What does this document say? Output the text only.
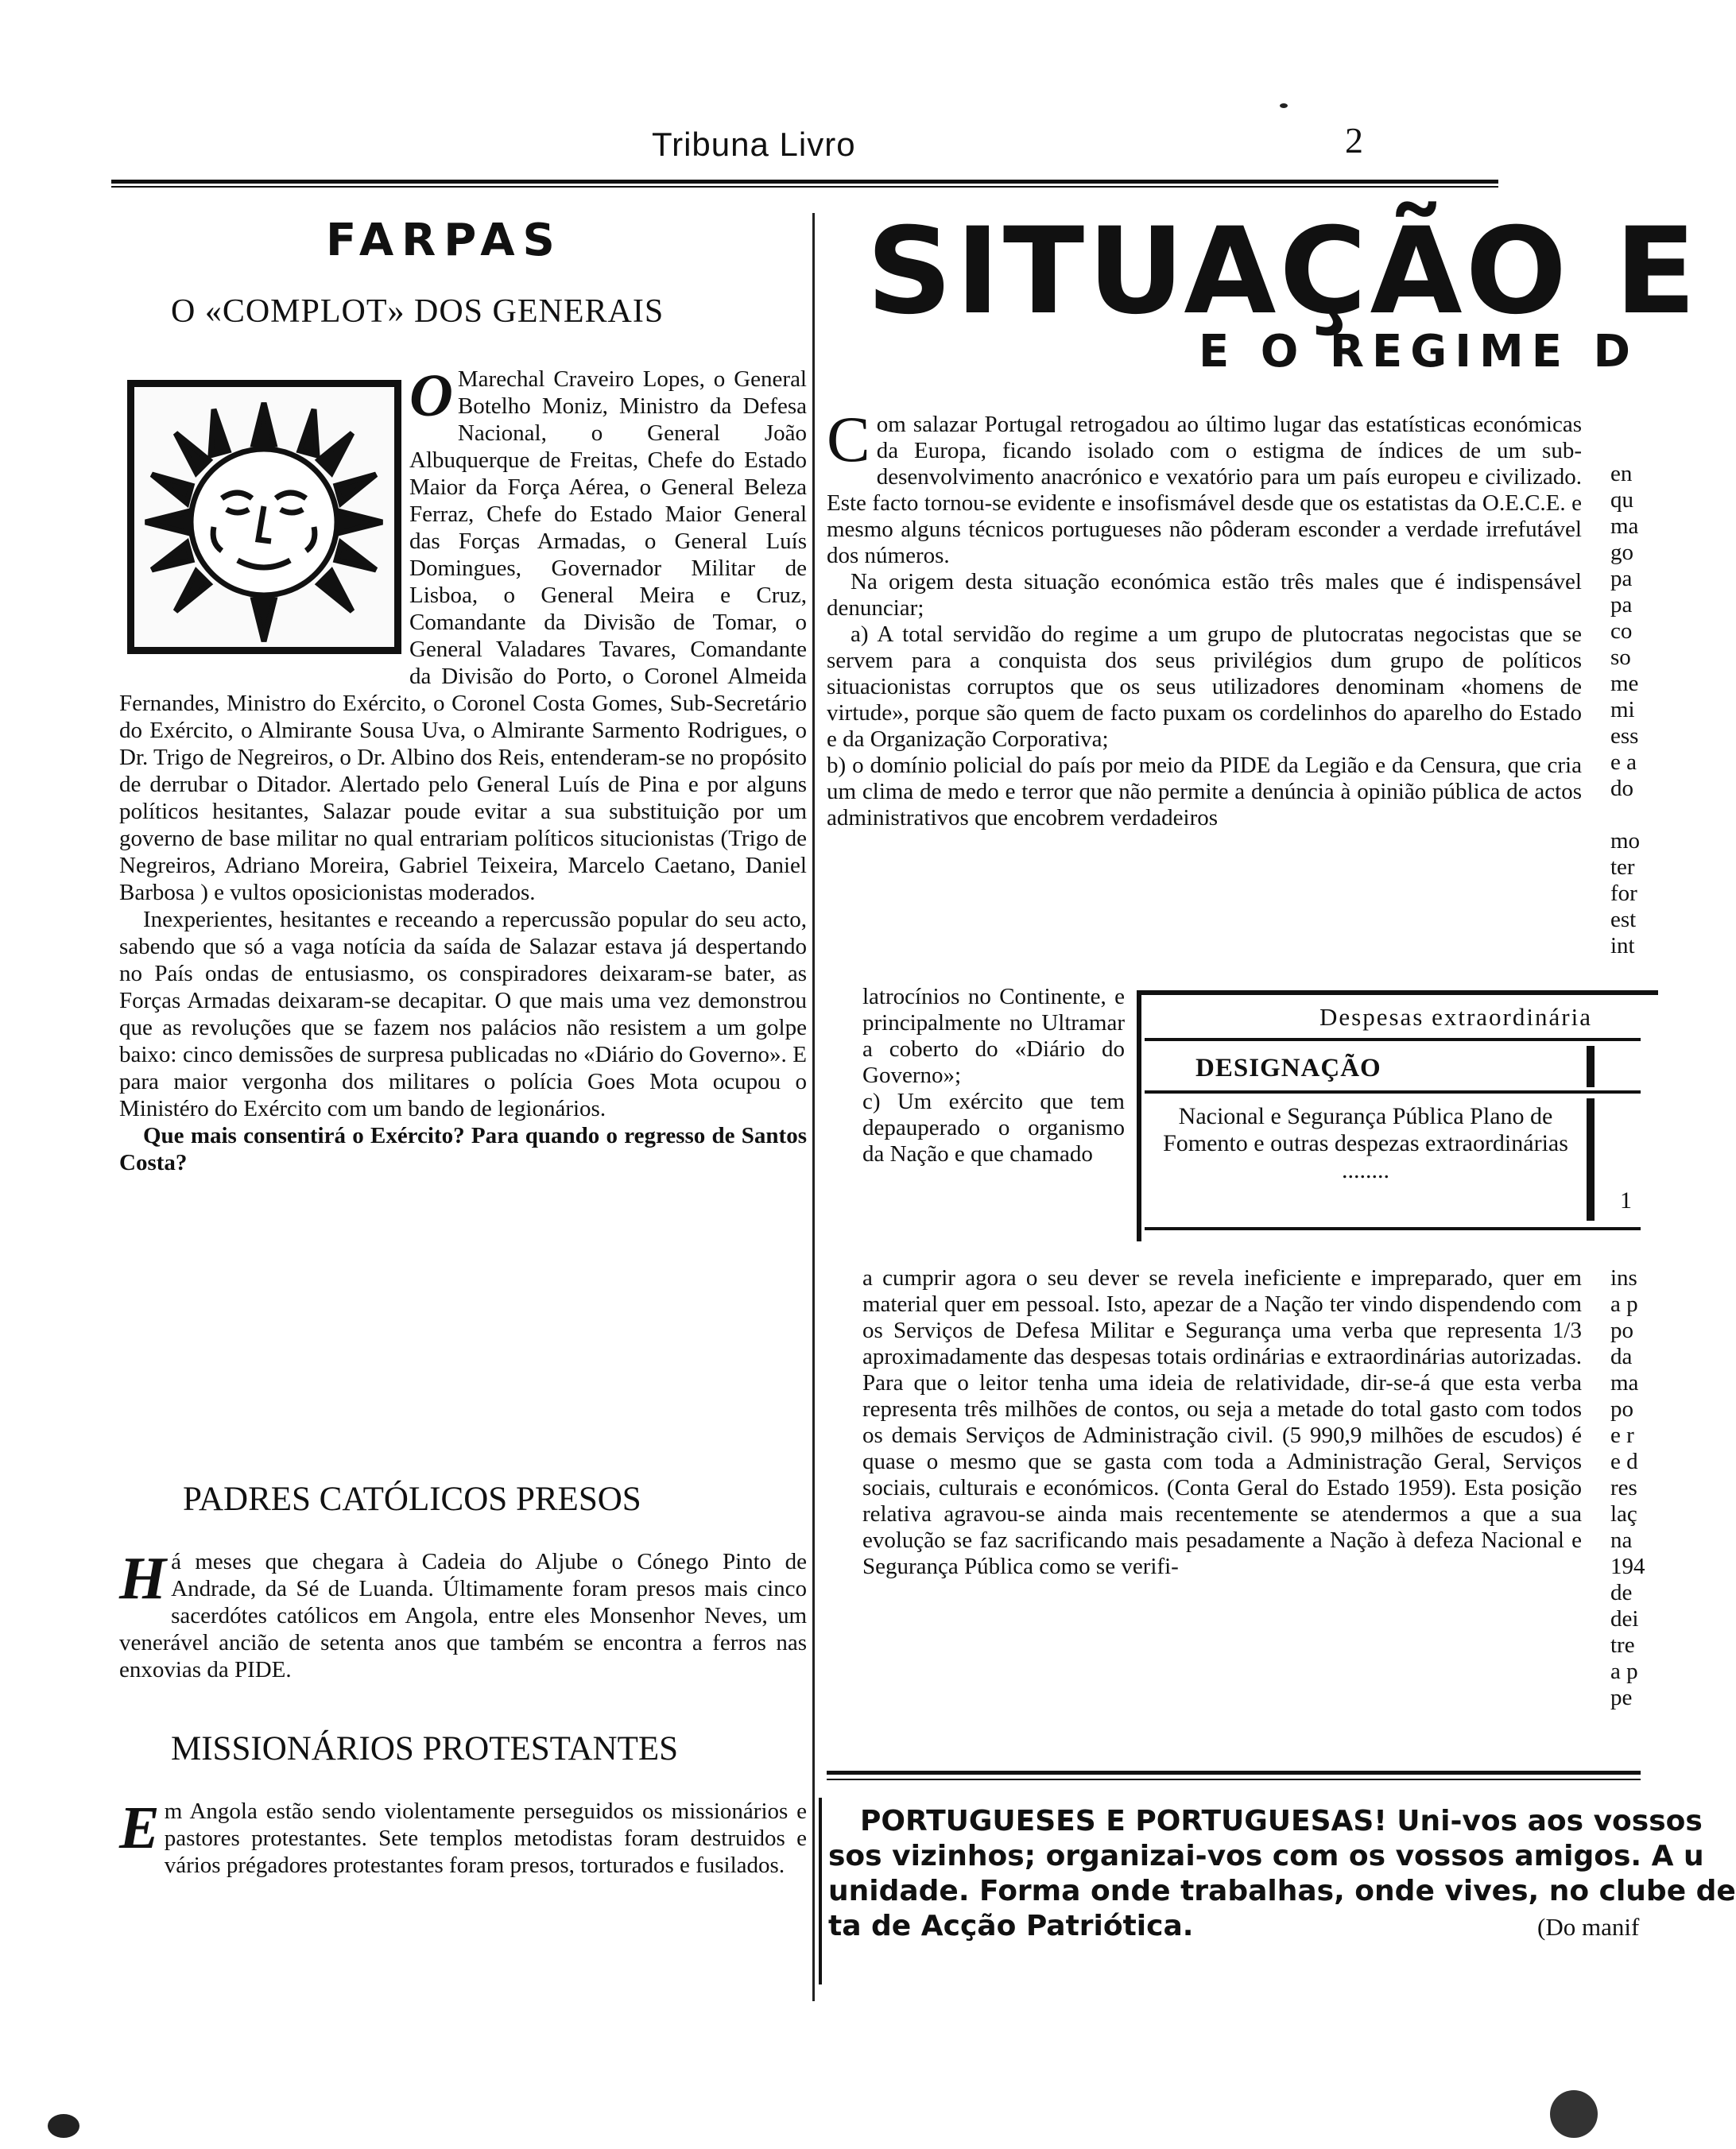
Tribuna Livro	2
FARPAS
O «COMPLOT» DOS GENERAIS

O Marechal Craveiro Lopes, o General Botelho Moniz, Ministro da Defesa Nacional, o General João Albuquerque de Freitas, Chefe do Estado Maior da Força Aérea, o General Beleza Ferraz, Chefe do Estado Maior General das Forças Armadas, o General Luís Domingues, Governador Militar de Lisboa, o General Meira e Cruz, Comandante da Divisão de Tomar, o General Valadares Tavares, Comandante da Divisão do Porto, o Coronel Almeida Fernandes, Ministro do Exército, o Coronel Costa Gomes, Sub-Secretário do Exército, o Almirante Sousa Uva, o Almirante Sarmento Rodrigues, o Dr. Trigo de Negreiros, o Dr. Albino dos Reis, entenderam-se no propósito de derrubar o Ditador. Alertado pelo General Luís de Pina e por alguns políticos hesitantes, Salazar poude evitar a sua substituição por um governo de base militar no qual entrariam políticos situcionistas (Trigo de Negreiros, Adriano Moreira, Gabriel Teixeira, Marcelo Caetano, Daniel Barbosa ) e vultos oposicionistas moderados.

Inexperientes, hesitantes e receando a repercussão popular do seu acto, sabendo que só a vaga notícia da saída de Salazar estava já despertando no País ondas de entusiasmo, os conspiradores deixaram-se bater, as Forças Armadas deixaram-se decapitar. O que mais uma vez demonstrou que as revoluções que se fazem nos palácios não resistem a um golpe baixo: cinco demissões de surpresa publicadas no «Diário do Governo». E para maior vergonha dos militares o polícia Goes Mota ocupou o Ministéro do Exército com um bando de legionários.

Que mais consentirá o Exército? Para quando o regresso de Santos Costa?

PADRES CATÓLICOS PRESOS
H á meses que chegara à Cadeia do Aljube o Cónego Pinto de Andrade, da Sé de Luanda. Últimamente foram presos mais cinco sacerdótes católicos em Angola, entre eles Monsenhor Neves, um venerável ancião de setenta anos que também se encontra a ferros nas enxovias da PIDE.
MISSIONÁRIOS PROTESTANTES
E m Angola estão sendo violentamente perseguidos os missionários e pastores protestantes. Sete templos metodistas foram destruidos e vários prégadores protestantes foram presos, torturados e fusilados.
SITUAÇÃO E
E O REGIME D

C om salazar Portugal retrogadou ao último lugar das estatísticas económicas da Europa, ficando isolado com o estigma de índices de um sub-desenvolvimento anacrónico e vexatório para um país europeu e civilizado. Este facto tornou-se evidente e insofismável desde que os estatistas da O.E.C.E. e mesmo alguns técnicos portugueses não pôderam esconder a verdade irrefutável dos números.

Na origem desta situação económica estão três males que é indispensável denunciar;

a) A total servidão do regime a um grupo de plutocratas negocistas que se servem para a conquista dos seus privilégios dum grupo de políticos situacionistas corruptos que os seus utilizadores denominam «homens de virtude», porque são quem de facto puxam os cordelinhos do aparelho do Estado e da Organização Corporativa;

b) o domínio policial do país por meio da PIDE da Legião e da Censura, que cria um clima de medo e terror que não permite a denúncia à opinião pública de actos administrativos que encobrem verdadeiros

latrocínios no Continente, e principalmente no Ultramar a coberto do «Diário do Governo»;

c) Um exército que tem depauperado o organismo da Nação e que chamado

Despesas extraordinária
DESIGNAÇÃO
Nacional e Segurança Pública Plano de Fomento e outras despezas extraordinárias ........
1
a cumprir agora o seu dever se revela ineficiente e impreparado, quer em material quer em pessoal. Isto, apezar de a Nação ter vindo dispendendo com os Serviços de Defesa Militar e Segurança uma verba que representa 1/3 aproximadamente das despesas totais ordinárias e extraordinárias autorizadas. Para que o leitor tenha uma ideia de relatividade, dir-se-á que esta verba representa três milhões de contos, ou seja a metade do total gasto com todos os demais Serviços de Administração civil. (5 990,9 milhões de escudos) é quase o mesmo que se gasta com toda a Administração Geral, Serviços sociais, culturais e económicos. (Conta Geral do Estado 1959). Esta posição relativa agravou-se ainda mais recentemente se atendermos a que a sua evolução se faz sacrificando mais pesadamente a Nação à defeza Nacional e Segurança Pública como se verifi-
en
qu
ma
go
pa
pa
co
so
me
mi
ess
e a
do
mo
ter
for
est
int
ins
a p
po
da
ma
po
e r
e d
res
laç
na
194
de
dei
tre
a p
pe
PORTUGUESES E PORTUGUESAS! Uni-vos aos vossos
sos vizinhos; organizai-vos com os vossos amigos. A u
unidade. Forma onde trabalhas, onde vives, no clube de
ta de Acção Patriótica.	(Do manif
